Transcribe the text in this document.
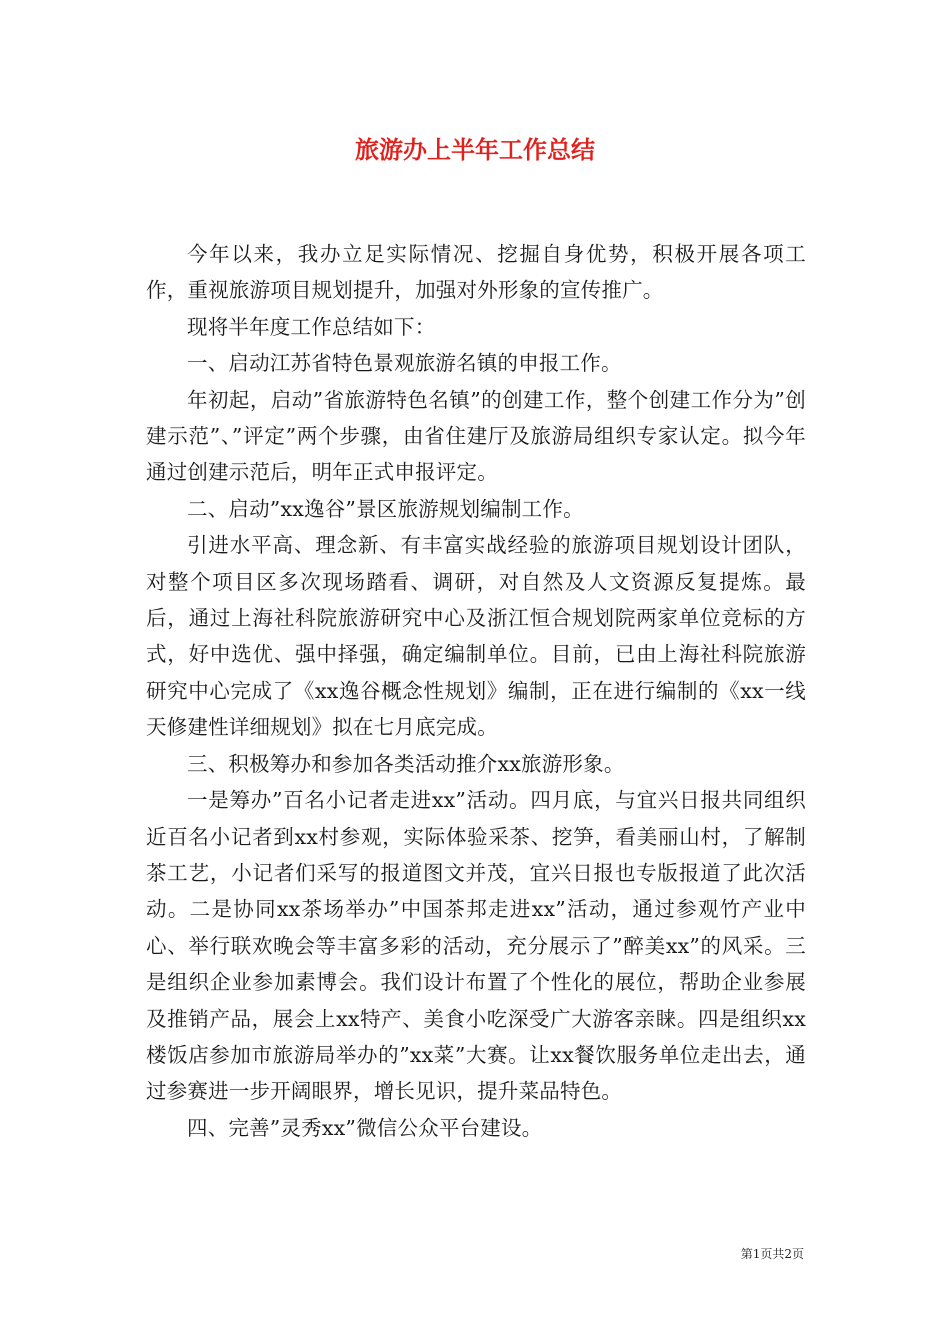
旅游办上半年工作总结

今年以来，我办立足实际情况、挖掘自身优势，积极开展各项工作，重视旅游项目规划提升，加强对外形象的宣传推广。

现将半年度工作总结如下：

一、启动江苏省特色景观旅游名镇的申报工作。

年初起，启动”省旅游特色名镇”的创建工作，整个创建工作分为”创建示范”、”评定”两个步骤，由省住建厅及旅游局组织专家认定。拟今年通过创建示范后，明年正式申报评定。

二、启动”xx逸谷”景区旅游规划编制工作。

引进水平高、理念新、有丰富实战经验的旅游项目规划设计团队，对整个项目区多次现场踏看、调研，对自然及人文资源反复提炼。最后，通过上海社科院旅游研究中心及浙江恒合规划院两家单位竞标的方式，好中选优、强中择强，确定编制单位。目前，已由上海社科院旅游研究中心完成了《xx逸谷概念性规划》编制，正在进行编制的《xx一线天修建性详细规划》拟在七月底完成。

三、积极筹办和参加各类活动推介xx旅游形象。

一是筹办”百名小记者走进xx”活动。四月底，与宜兴日报共同组织近百名小记者到xx村参观，实际体验采茶、挖笋，看美丽山村，了解制茶工艺，小记者们采写的报道图文并茂，宜兴日报也专版报道了此次活动。二是协同xx茶场举办”中国茶邦走进xx”活动，通过参观竹产业中心、举行联欢晚会等丰富多彩的活动，充分展示了”醉美xx”的风采。三是组织企业参加素博会。我们设计布置了个性化的展位，帮助企业参展及推销产品，展会上xx特产、美食小吃深受广大游客亲睐。四是组织xx楼饭店参加市旅游局举办的”xx菜”大赛。让xx餐饮服务单位走出去，通过参赛进一步开阔眼界，增长见识，提升菜品特色。

四、完善”灵秀xx”微信公众平台建设。

第1页共2页
